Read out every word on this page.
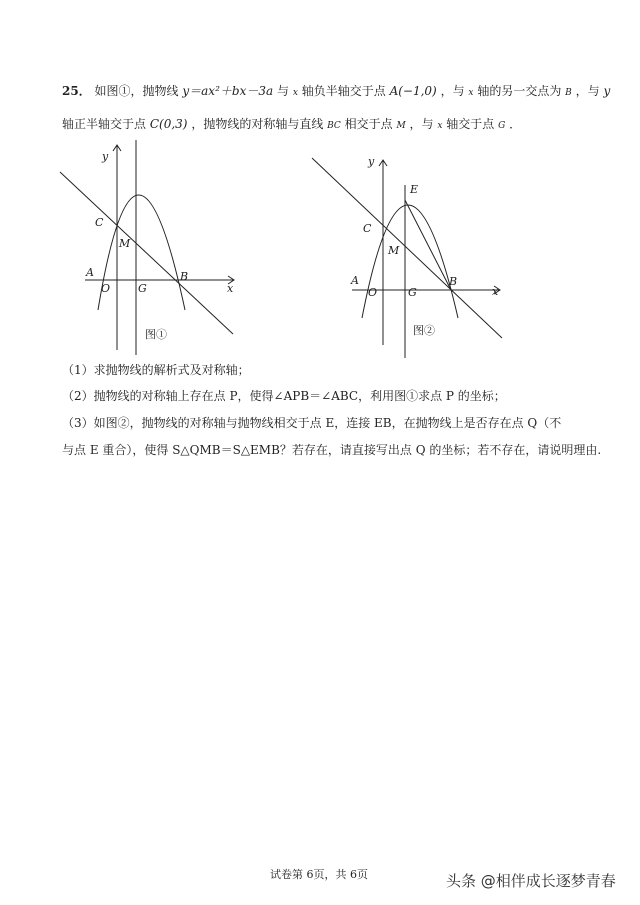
25． 如图①，抛物线 y＝ax²＋bx－3a 与 x 轴负半轴交于点 A(−1,0) ，与 x 轴的另一交点为 B ，与 y
轴正半轴交于点 C(0,3) ，抛物线的对称轴与直线 BC 相交于点 M ，与 x 轴交于点 G ．
y
C
M
A
O	G
B
x
图①
y
E
C
M
A
O	G
B
x
图②
（1）求抛物线的解析式及对称轴；
（2）抛物线的对称轴上存在点 P，使得∠APB＝∠ABC，利用图①求点 P 的坐标；
（3）如图②，抛物线的对称轴与抛物线相交于点 E，连接 EB，在抛物线上是否存在点 Q（不
与点 E 重合），使得 S△QMB＝S△EMB？若存在，请直接写出点 Q 的坐标；若不存在，请说明理由.
试卷第 6页，共 6页	头条 @相伴成长逐梦青春
